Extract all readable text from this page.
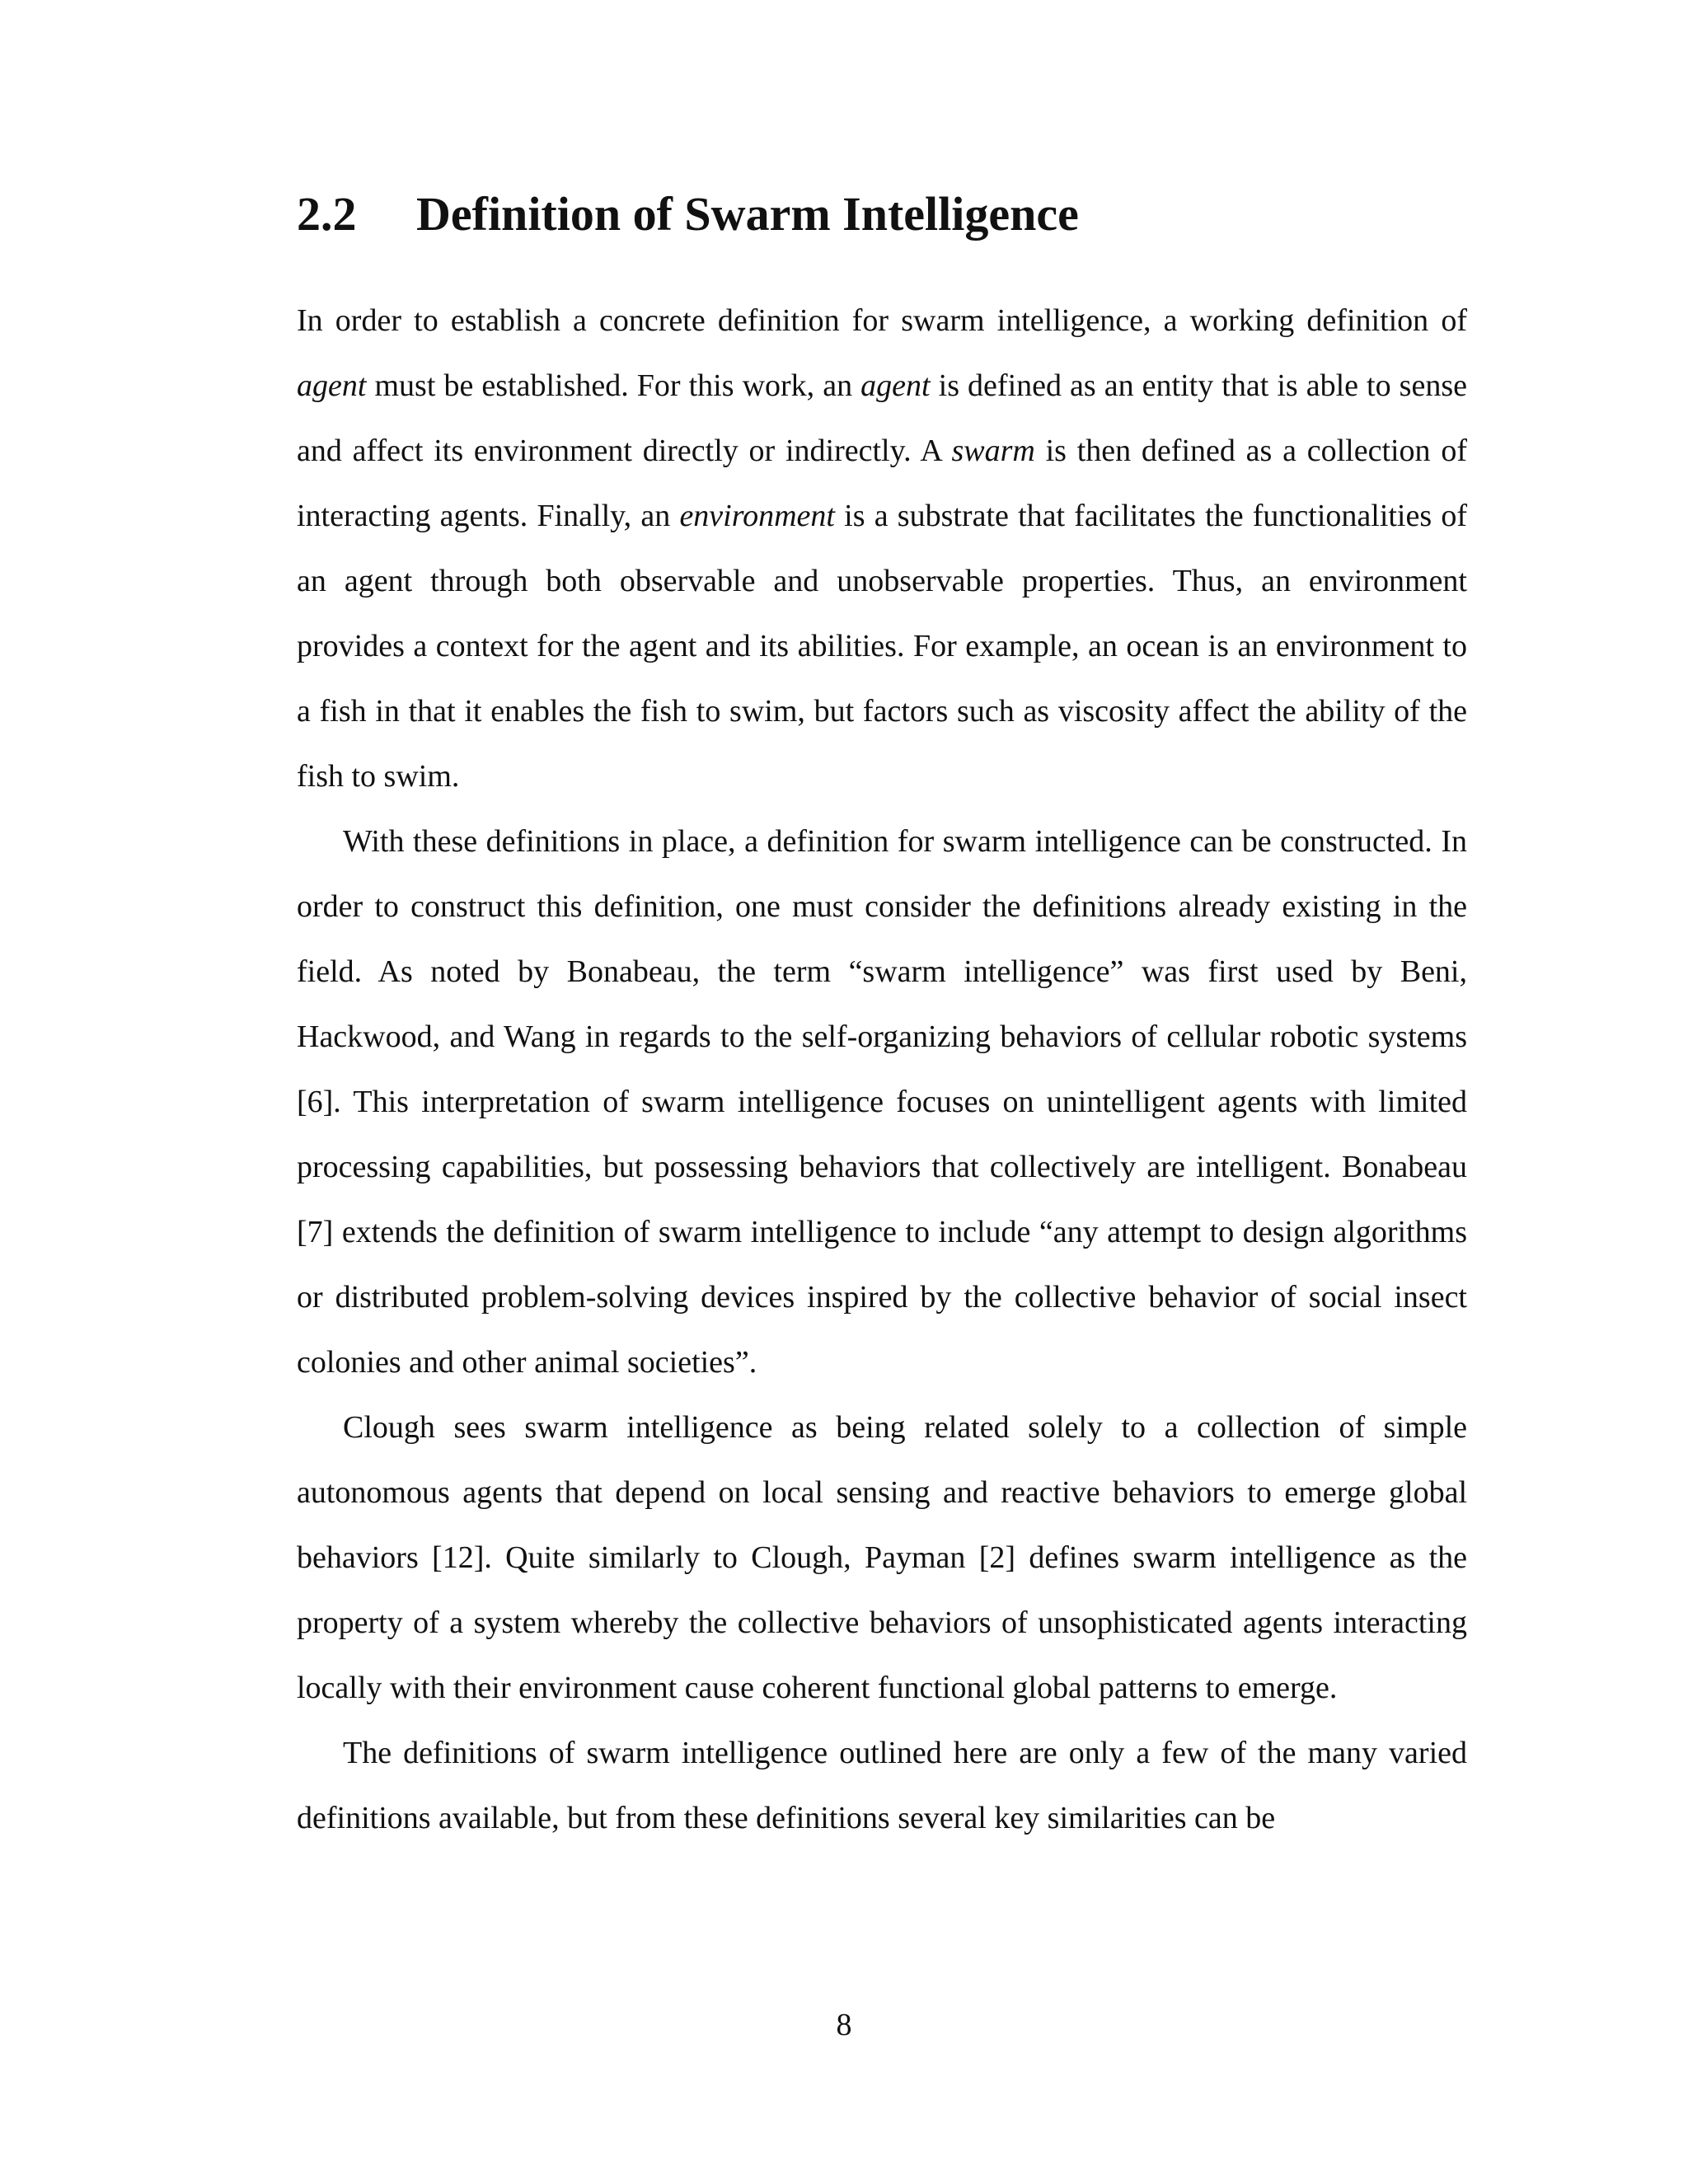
2.2 Definition of Swarm Intelligence

In order to establish a concrete definition for swarm intelligence, a working definition of agent must be established. For this work, an agent is defined as an entity that is able to sense and affect its environment directly or indirectly. A swarm is then defined as a collection of interacting agents. Finally, an environment is a substrate that facilitates the functionalities of an agent through both observable and unobservable properties. Thus, an environment provides a context for the agent and its abilities. For example, an ocean is an environment to a fish in that it enables the fish to swim, but factors such as viscosity affect the ability of the fish to swim.

With these definitions in place, a definition for swarm intelligence can be constructed. In order to construct this definition, one must consider the definitions already existing in the field. As noted by Bonabeau, the term “swarm intelligence” was first used by Beni, Hackwood, and Wang in regards to the self-organizing behaviors of cellular robotic systems [6]. This interpretation of swarm intelligence focuses on unintelligent agents with limited processing capabilities, but possessing behaviors that collectively are intelligent. Bonabeau [7] extends the definition of swarm intelligence to include “any attempt to design algorithms or distributed problem-solving devices inspired by the collective behavior of social insect colonies and other animal societies”.

Clough sees swarm intelligence as being related solely to a collection of simple autonomous agents that depend on local sensing and reactive behaviors to emerge global behaviors [12]. Quite similarly to Clough, Payman [2] defines swarm intelligence as the property of a system whereby the collective behaviors of unsophisticated agents interacting locally with their environment cause coherent functional global patterns to emerge.

The definitions of swarm intelligence outlined here are only a few of the many varied definitions available, but from these definitions several key similarities can be

8
